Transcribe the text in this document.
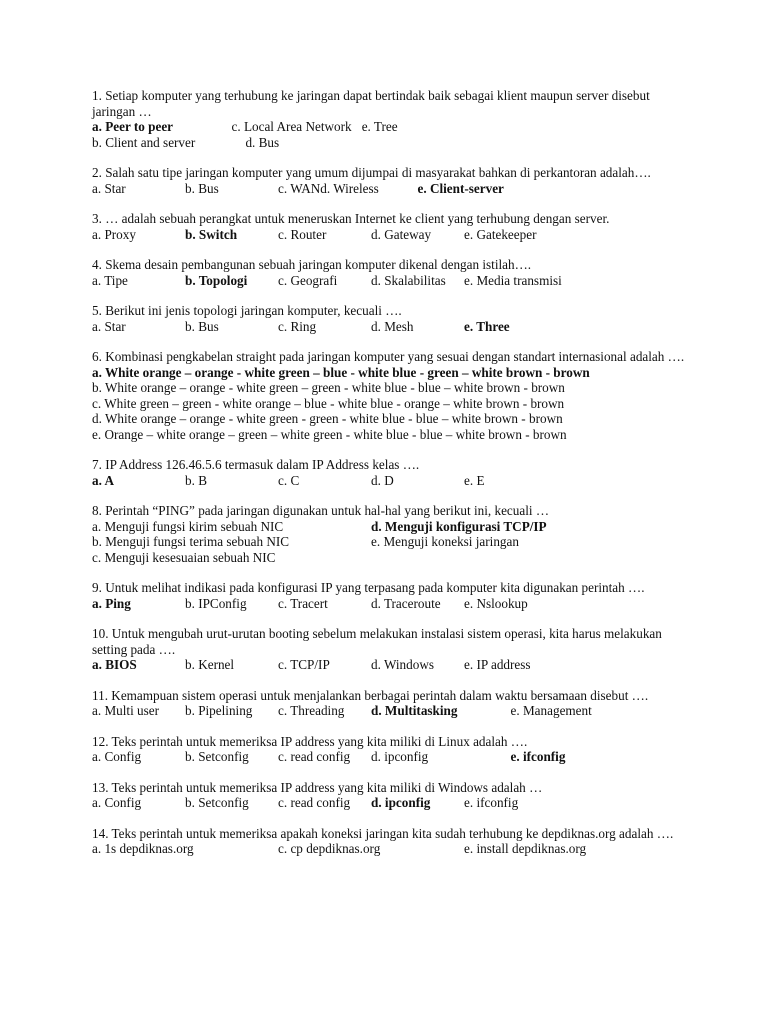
1. Setiap komputer yang terhubung ke jaringan dapat bertindak baik sebagai klient maupun server disebut jaringan …
a. Peer to peer	c. Local Area Network e. Tree
b. Client and server	d. Bus
2. Salah satu tipe jaringan komputer yang umum dijumpai di masyarakat bahkan di perkantoran adalah….
a. Star	b. Bus	c. WANd. Wireless	e. Client-server
3. … adalah sebuah perangkat untuk meneruskan Internet ke client yang terhubung dengan server.
a. Proxy	b. Switch	c. Router	d. Gateway e. Gatekeeper
4. Skema desain pembangunan sebuah jaringan komputer dikenal dengan istilah….
a. Tipe	b. Topologi c. Geografi	d. Skalabilitas e. Media transmisi
5. Berikut ini jenis topologi jaringan komputer, kecuali ….
a. Star	b. Bus	c. Ring	d. Mesh	e. Three
6. Kombinasi pengkabelan straight pada jaringan komputer yang sesuai dengan standart internasional adalah ….
a. White orange – orange - white green – blue - white blue - green – white brown - brown
b. White orange – orange - white green – green - white blue - blue – white brown - brown
c. White green – green - white orange – blue - white blue - orange – white brown - brown
d. White orange – orange - white green - green - white blue - blue – white brown - brown
e. Orange – white orange – green – white green - white blue - blue – white brown - brown
7. IP Address 126.46.5.6 termasuk dalam IP Address kelas ….
a. A	b. B	c. C	d. D	e. E
8. Perintah “PING” pada jaringan digunakan untuk hal-hal yang berikut ini, kecuali …
a. Menguji fungsi kirim sebuah NIC	d. Menguji konfigurasi TCP/IP
b. Menguji fungsi terima sebuah NIC	e. Menguji koneksi jaringan
c. Menguji kesesuaian sebuah NIC
9. Untuk melihat indikasi pada konfigurasi IP yang terpasang pada komputer kita digunakan perintah ….
a. Ping	b. IPConfig c. Tracert	d. Traceroute e. Nslookup
10. Untuk mengubah urut-urutan booting sebelum melakukan instalasi sistem operasi, kita harus melakukan setting pada ….
a. BIOS	b. Kernel	c. TCP/IP	d. Windows e. IP address
11. Kemampuan sistem operasi untuk menjalankan berbagai perintah dalam waktu bersamaan disebut ….
a. Multi user b. Pipelining c. Threading d. Multitasking	e. Management
12. Teks perintah untuk memeriksa IP address yang kita miliki di Linux adalah ….
a. Config	b. Setconfig c. read config d. ipconfig	e. ifconfig
13. Teks perintah untuk memeriksa IP address yang kita miliki di Windows adalah …
a. Config	b. Setconfig c. read config d. ipconfig	e. ifconfig
14. Teks perintah untuk memeriksa apakah koneksi jaringan kita sudah terhubung ke depdiknas.org adalah ….
a. 1s depdiknas.org	c. cp depdiknas.org	e. install depdiknas.org
